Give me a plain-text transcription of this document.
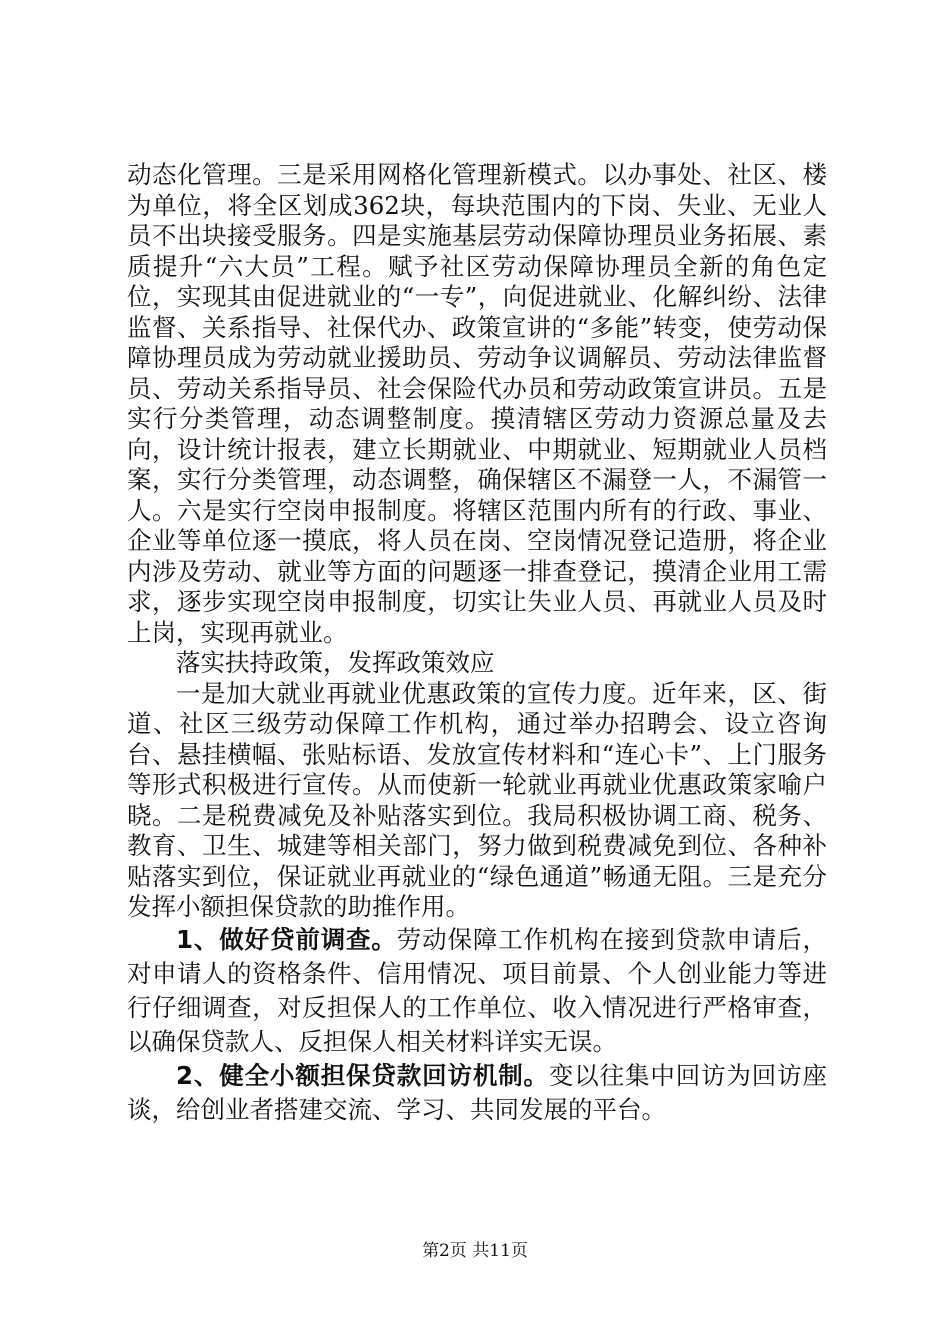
动态化管理。三是采用网格化管理新模式。以办事处、社区、楼为单位，将全区划成362块，每块范围内的下岗、失业、无业人员不出块接受服务。四是实施基层劳动保障协理员业务拓展、素质提升“六大员”工程。赋予社区劳动保障协理员全新的角色定位，实现其由促进就业的“一专”，向促进就业、化解纠纷、法律监督、关系指导、社保代办、政策宣讲的“多能”转变，使劳动保障协理员成为劳动就业援助员、劳动争议调解员、劳动法律监督员、劳动关系指导员、社会保险代办员和劳动政策宣讲员。五是实行分类管理，动态调整制度。摸清辖区劳动力资源总量及去向，设计统计报表，建立长期就业、中期就业、短期就业人员档案，实行分类管理，动态调整，确保辖区不漏登一人，不漏管一人。六是实行空岗申报制度。将辖区范围内所有的行政、事业、企业等单位逐一摸底，将人员在岗、空岗情况登记造册，将企业内涉及劳动、就业等方面的问题逐一排查登记，摸清企业用工需求，逐步实现空岗申报制度，切实让失业人员、再就业人员及时上岗，实现再就业。

落实扶持政策，发挥政策效应

一是加大就业再就业优惠政策的宣传力度。近年来，区、街道、社区三级劳动保障工作机构，通过举办招聘会、设立咨询台、悬挂横幅、张贴标语、发放宣传材料和“连心卡”、上门服务等形式积极进行宣传。从而使新一轮就业再就业优惠政策家喻户晓。二是税费减免及补贴落实到位。我局积极协调工商、税务、教育、卫生、城建等相关部门，努力做到税费减免到位、各种补贴落实到位，保证就业再就业的“绿色通道”畅通无阻。三是充分发挥小额担保贷款的助推作用。

1、做好贷前调查。劳动保障工作机构在接到贷款申请后，对申请人的资格条件、信用情况、项目前景、个人创业能力等进行仔细调查，对反担保人的工作单位、收入情况进行严格审查，以确保贷款人、反担保人相关材料详实无误。

2、健全小额担保贷款回访机制。变以往集中回访为回访座谈，给创业者搭建交流、学习、共同发展的平台。

第2页 共11页
